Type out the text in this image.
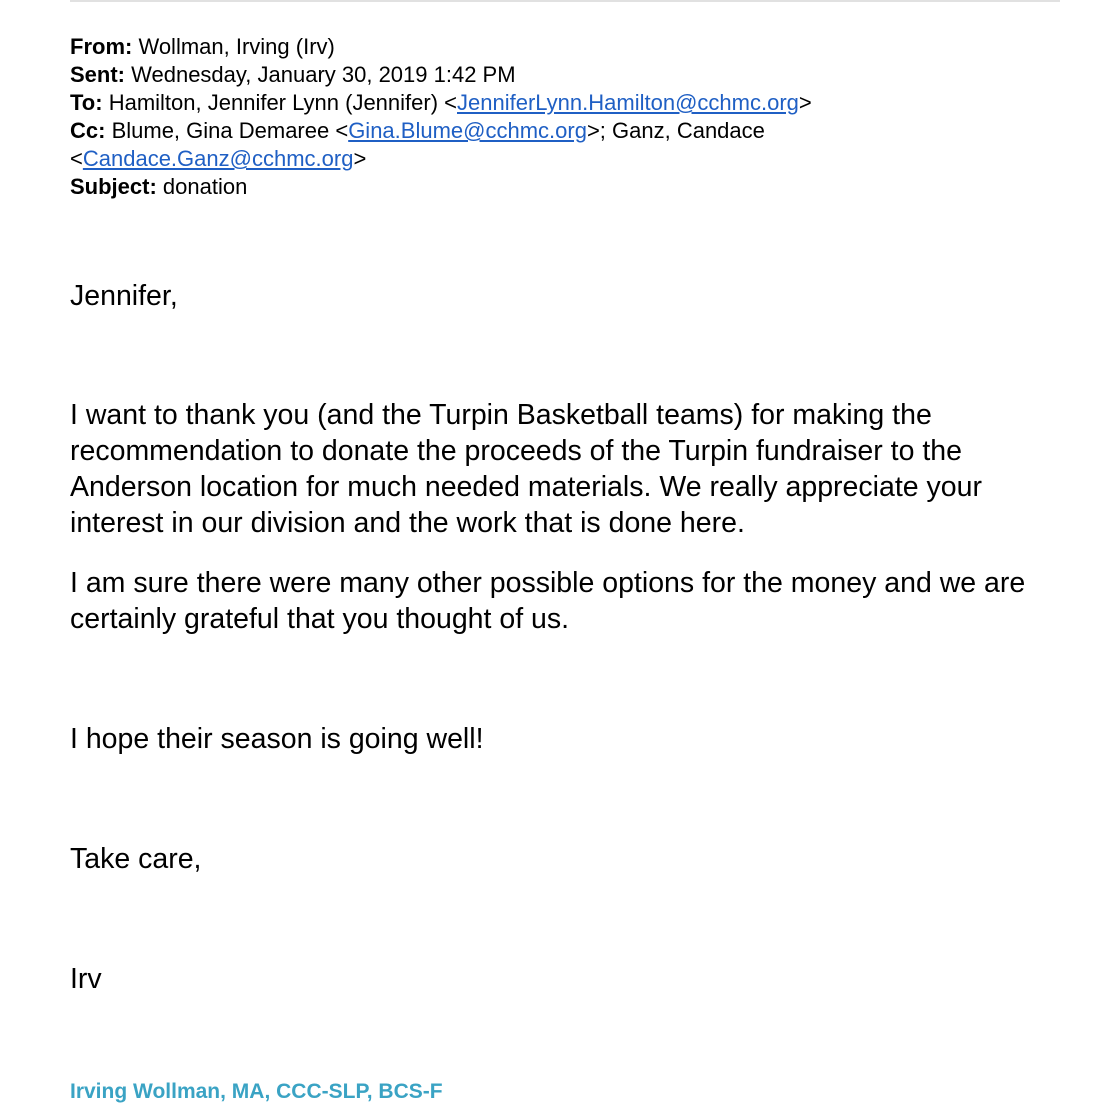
From: Wollman, Irving (Irv)
Sent: Wednesday, January 30, 2019 1:42 PM
To: Hamilton, Jennifer Lynn (Jennifer) <JenniferLynn.Hamilton@cchmc.org>
Cc: Blume, Gina Demaree <Gina.Blume@cchmc.org>; Ganz, Candace
<Candace.Ganz@cchmc.org>
Subject: donation

Jennifer,

I want to thank you (and the Turpin Basketball teams) for making the recommendation to donate the proceeds of the Turpin fundraiser to the Anderson location for much needed materials. We really appreciate your interest in our division and the work that is done here.

I am sure there were many other possible options for the money and we are certainly grateful that you thought of us.

I hope their season is going well!

Take care,

Irv

Irving Wollman, MA, CCC-SLP, BCS-F
